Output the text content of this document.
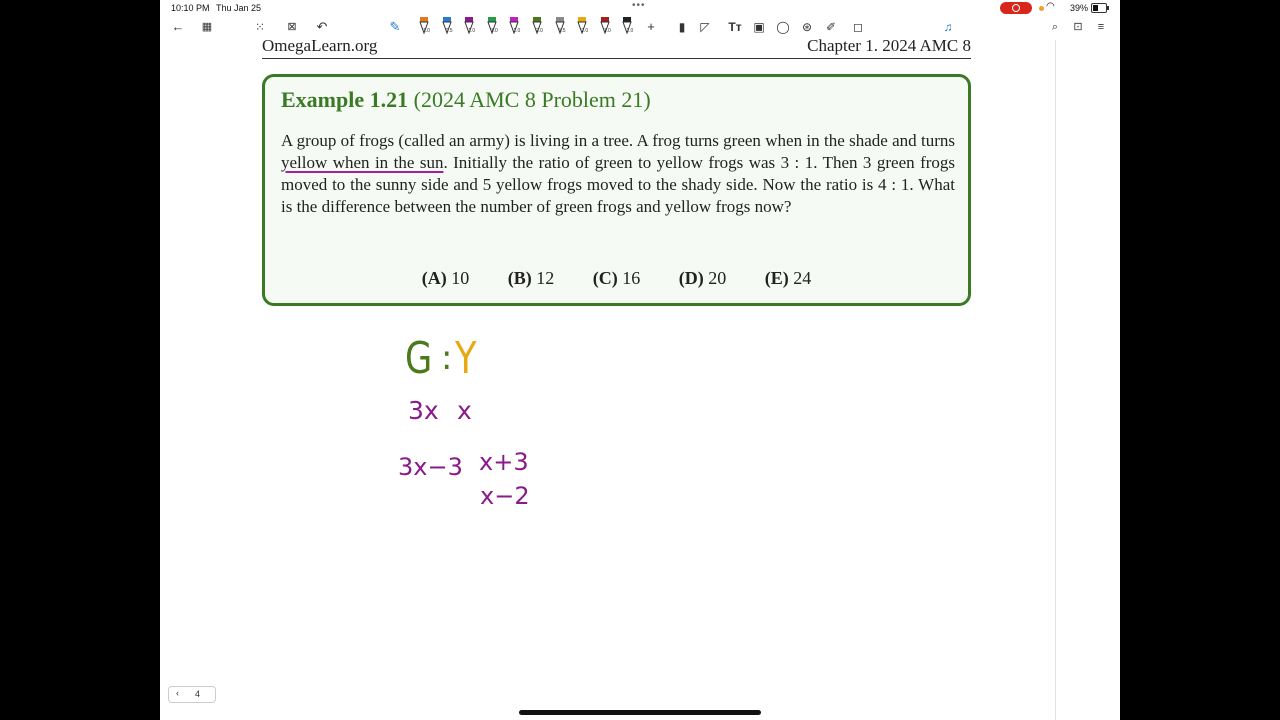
10:10 PM Thu Jan 25	•••	◠ 39%
←	▦	⁙	⊠	↶	✎	1.0	0.5	1.0	1.0	1.0	2.0	1.5	2.0	1.0	1.0	+	▮	◸	Tт ▣ ◯	⊛	✐	◻	♫	⌕	⊡	≡
OmegaLearn.org	Chapter 1. 2024 AMC 8
Example 1.21 (2024 AMC 8 Problem 21)
A group of frogs (called an army) is living in a tree. A frog turns green when in the shade and turns yellow when in the sun. Initially the ratio of green to yellow frogs was 3 : 1. Then 3 green frogs moved to the sunny side and 5 yellow frogs moved to the shady side. Now the ratio is 4 : 1. What is the difference between the number of green frogs and yellow frogs now?
(A) 10 (B) 12 (C) 16 (D) 20 (E) 24
G : Y
3x x
3x−3 x+3
x−2
‹ 4
